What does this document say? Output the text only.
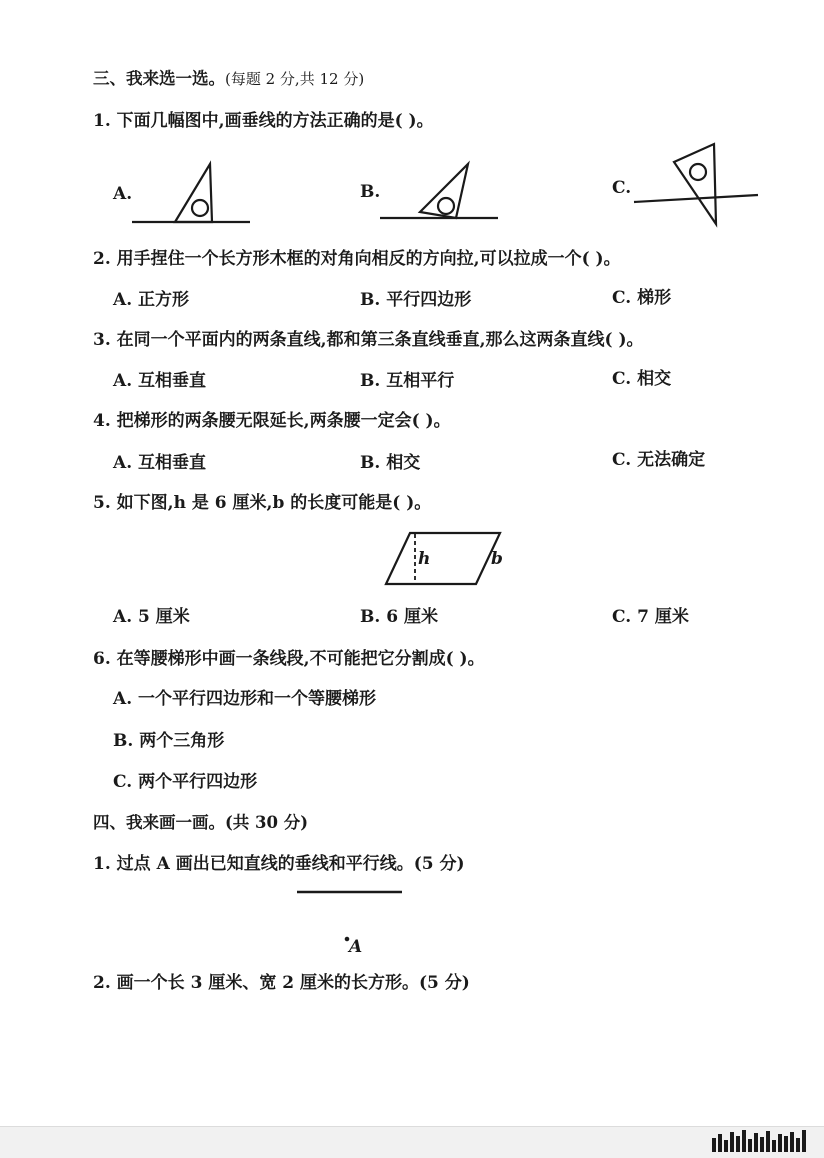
三、我来选一选。(每题 2 分,共 12 分)
1. 下面几幅图中,画垂线的方法正确的是( )。
A.	B.	C.
2. 用手捏住一个长方形木框的对角向相反的方向拉,可以拉成一个( )。
A. 正方形	B. 平行四边形	C. 梯形
3. 在同一个平面内的两条直线,都和第三条直线垂直,那么这两条直线( )。
A. 互相垂直	B. 互相平行	C. 相交
4. 把梯形的两条腰无限延长,两条腰一定会( )。
A. 互相垂直	B. 相交	C. 无法确定
5. 如下图,h 是 6 厘米,b 的长度可能是( )。
h	b
A. 5 厘米	B. 6 厘米	C. 7 厘米
6. 在等腰梯形中画一条线段,不可能把它分割成( )。
A. 一个平行四边形和一个等腰梯形
B. 两个三角形
C. 两个平行四边形
四、我来画一画。(共 30 分)
1. 过点 A 画出已知直线的垂线和平行线。(5 分)
A
2. 画一个长 3 厘米、宽 2 厘米的长方形。(5 分)
